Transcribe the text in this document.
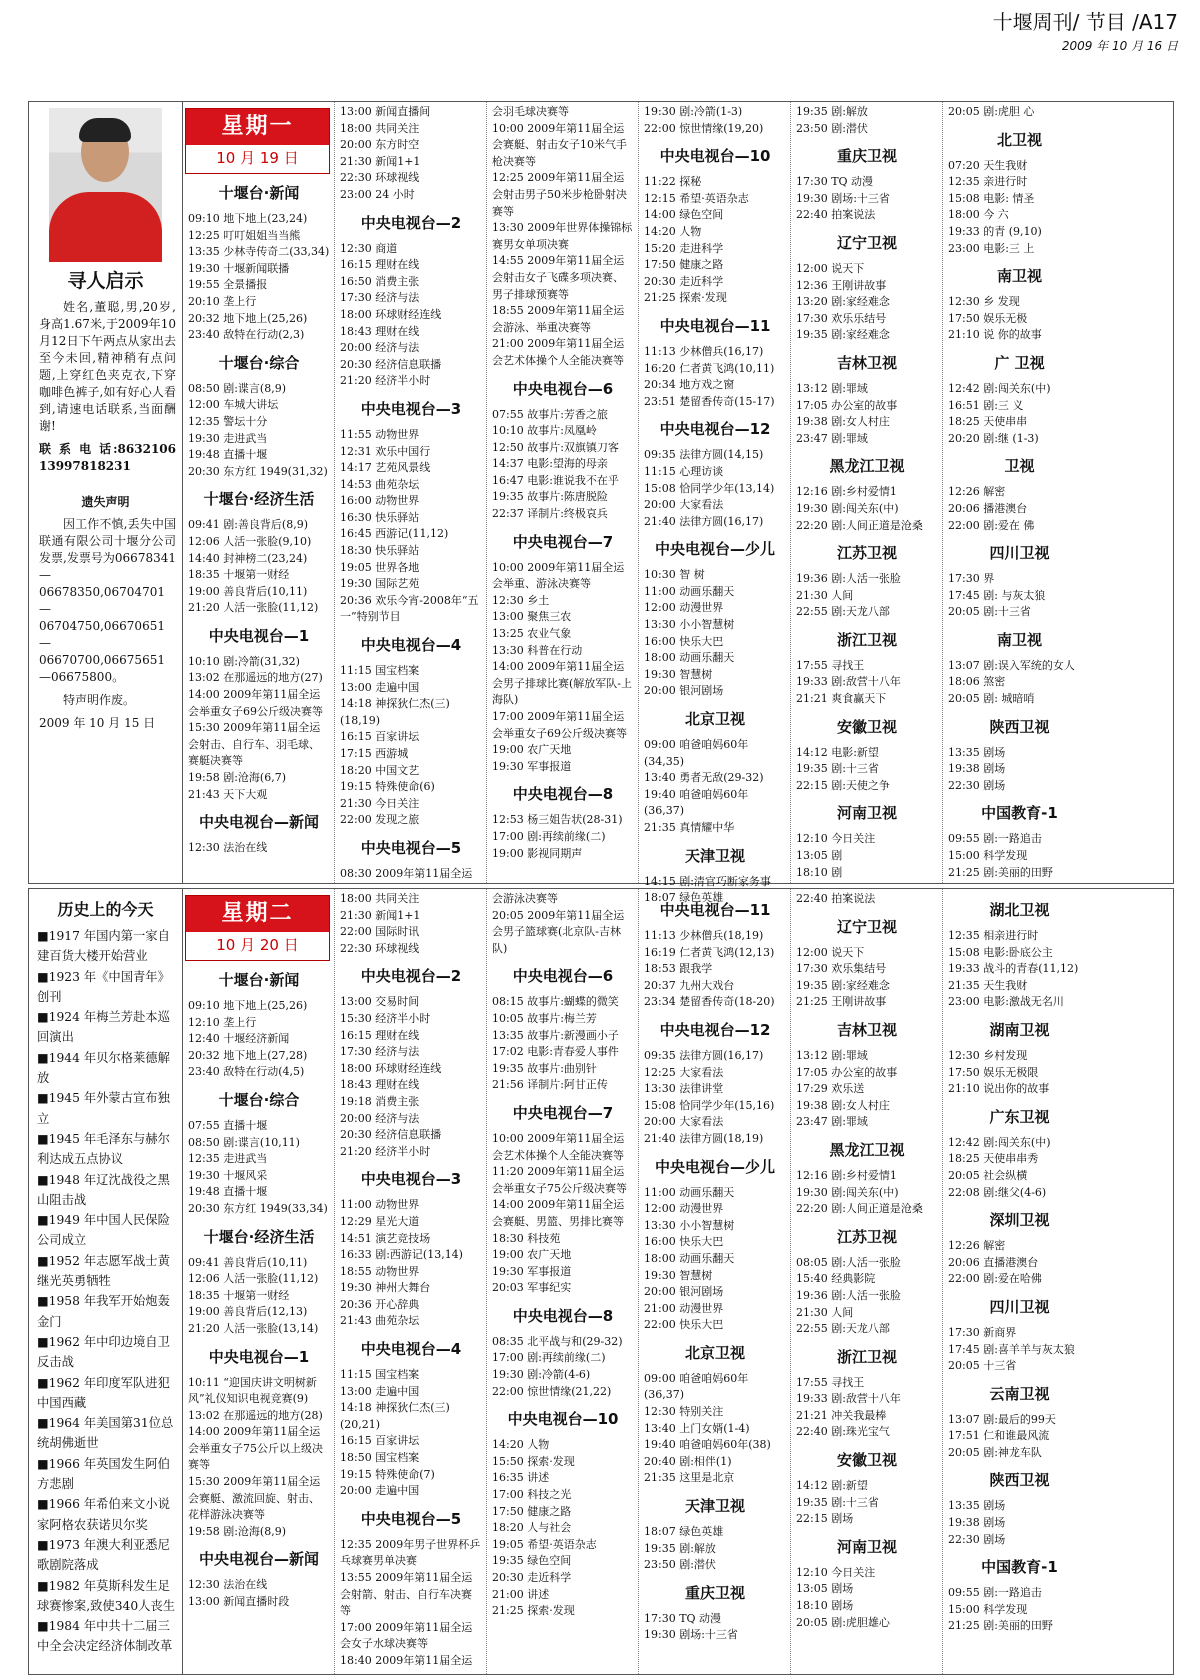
十堰周刊/ 节目 /A17
2009 年 10 月 16 日
寻人启示

姓名,董聪,男,20岁,身高1.67米,于2009年10月12日下午两点从家出去至今未回,精神稍有点问题,上穿红色夹克衣,下穿咖啡色裤子,如有好心人看到,请速电话联系,当面酬谢!

联 系 电 话:8632106 13997818231

遗失声明

因工作不慎,丢失中国联通有限公司十堰分公司发票,发票号为06678341—06678350,06704701—06704750,06670651—06670700,06675651—06675800。

特声明作废。

2009 年 10 月 15 日

星期一
10 月 19 日
十堰台·新闻
09:10 地下地上(23,24)
12:25 叮叮姐姐当当熊
13:35 少林寺传奇二(33,34)
19:30 十堰新闻联播
19:55 全景播报
20:10 垄上行
20:32 地下地上(25,26)
23:40 敌特在行动(2,3)
十堰台·综合
08:50 剧:谍言(8,9)
12:00 车城大讲坛
12:35 警坛十分
19:30 走进武当
19:48 直播十堰
20:30 东方红 1949(31,32)
十堰台·经济生活
09:41 剧:善良背后(8,9)
12:06 人活一张脸(9,10)
14:40 封神榜二(23,24)
18:35 十堰第一财经
19:00 善良背后(10,11)
21:20 人活一张脸(11,12)
中央电视台—1
10:10 剧:冷箭(31,32)
13:02 在那遥远的地方(27)
14:00 2009年第11届全运会举重女子69公斤级决赛等
15:30 2009年第11届全运会射击、自行车、羽毛球、赛艇决赛等
19:58 剧:沧海(6,7)
21:43 天下大观
中央电视台—新闻
12:30 法治在线
13:00 新闻直播间
18:00 共同关注
20:00 东方时空
21:30 新闻1+1
22:30 环球视线
23:00 24 小时
中央电视台—2
12:30 商道
16:15 理财在线
16:50 消费主张
17:30 经济与法
18:00 环球财经连线
18:43 理财在线
20:00 经济与法
20:30 经济信息联播
21:20 经济半小时
中央电视台—3
11:55 动物世界
12:31 欢乐中国行
14:17 艺苑风景线
14:53 曲苑杂坛
16:00 动物世界
16:30 快乐驿站
16:45 西游记(11,12)
18:30 快乐驿站
19:05 世界各地
19:30 国际艺苑
20:36 欢乐今宵-2008年“五一”特别节目
中央电视台—4
11:15 国宝档案
13:00 走遍中国
14:18 神探狄仁杰(三)(18,19)
16:15 百家讲坛
17:15 西游城
18:20 中国文艺
19:15 特殊使命(6)
21:30 今日关注
22:00 发现之旅
中央电视台—5
08:30 2009年第11届全运
会羽毛球决赛等
10:00 2009年第11届全运会赛艇、射击女子10米气手枪决赛等
12:25 2009年第11届全运会射击男子50米步枪卧射决赛等
13:30 2009年世界体操锦标赛男女单项决赛
14:55 2009年第11届全运会射击女子飞碟多项决赛、男子排球预赛等
18:55 2009年第11届全运会游泳、举重决赛等
21:00 2009年第11届全运会艺术体操个人全能决赛等
中央电视台—6
07:55 故事片:芳香之旅
10:10 故事片:凤凰岭
12:50 故事片:双旗镇刀客
14:37 电影:望海的母亲
16:47 电影:谁说我不在乎
19:35 故事片:陈唐脱险
22:37 译制片:终极哀兵
中央电视台—7
10:00 2009年第11届全运会举重、游泳决赛等
12:30 乡土
13:00 聚焦三农
13:25 农业气象
13:30 科普在行动
14:00 2009年第11届全运会男子排球比赛(解放军队-上海队)
17:00 2009年第11届全运会举重女子69公斤级决赛等
19:00 农广天地
19:30 军事报道
中央电视台—8
12:53 杨三姐告状(28-31)
17:00 剧:再续前缘(二)
19:00 影视同期声
19:30 剧:冷箭(1-3)
22:00 惊世情缘(19,20)
中央电视台—10
11:22 探秘
12:15 希望·英语杂志
14:00 绿色空间
14:20 人物
15:20 走进科学
17:50 健康之路
20:30 走近科学
21:25 探索·发现
中央电视台—11
11:13 少林僧兵(16,17)
16:20 仁者黄飞鸿(10,11)
20:34 地方戏之窗
23:51 楚留香传奇(15-17)
中央电视台—12
09:35 法律方圆(14,15)
11:15 心理访谈
15:08 恰同学少年(13,14)
20:00 大家看法
21:40 法律方圆(16,17)
中央电视台—少儿
10:30 智 树
11:00 动画乐翻天
12:00 动漫世界
13:30 小小智慧树
16:00 快乐大巴
18:00 动画乐翻天
19:30 智慧树
20:00 银河剧场
北京卫视
09:00 咱爸咱妈60年(34,35)
13:40 勇者无敌(29-32)
19:40 咱爸咱妈60年(36,37)
21:35 真情耀中华
天津卫视
14:15 剧:清官巧断家务事
18:07 绿色英雄
19:35 剧:解放
23:50 剧:潜伏
重庆卫视
17:30 TQ 动漫
19:30 剧场:十三省
22:40 拍案说法
辽宁卫视
12:00 说天下
12:36 王刚讲故事
13:20 剧:家经难念
17:30 欢乐乐结号
19:35 剧:家经难念
吉林卫视
13:12 剧:罪域
17:05 办公室的故事
19:38 剧:女人村庄
23:47 剧:罪域
黑龙江卫视
12:16 剧:乡村爱情1
19:30 剧:闯关东(中)
22:20 剧:人间正道是沧桑
江苏卫视
19:36 剧:人活一张脸
21:30 人间
22:55 剧:天龙八部
浙江卫视
17:55 寻找王
19:33 剧:敌营十八年
21:21 爽食赢天下
安徽卫视
14:12 电影:新望
19:35 剧:十三省
22:15 剧:天使之争
河南卫视
12:10 今日关注
13:05 剧
18:10 剧
20:05 剧:虎胆 心
北卫视
07:20 天生我财
12:35 亲进行时
15:08 电影: 情圣
18:00 今 六
19:33 的青 (9,10)
23:00 电影:三 上
南卫视
12:30 乡 发现
17:50 娱乐无极
21:10 说 你的故事
广 卫视
12:42 剧:闯关东(中)
16:51 剧:三 义
18:25 天使串串
20:20 剧:继 (1-3)
卫视
12:26 解密
20:06 播港澳台
22:00 剧:爱在 佛
四川卫视
17:30 界
17:45 剧: 与灰太狼
20:05 剧:十三省
南卫视
13:07 剧:误入军统的女人
18:06 煞密
20:05 剧: 城暗哨
陕西卫视
13:35 剧场
19:38 剧场
22:30 剧场
中国教育-1
09:55 剧:一路追击
15:00 科学发现
21:25 剧:美丽的田野
历史上的今天
■1917 年国内第一家自建百货大楼开始营业
■1923 年《中国青年》创刊
■1924 年梅兰芳赴本巡回演出
■1944 年贝尔格莱德解放
■1945 年外蒙古宣布独立
■1945 年毛泽东与赫尔利达成五点协议
■1948 年辽沈战役之黑山阻击战
■1949 年中国人民保险公司成立
■1952 年志愿军战士黄继光英勇牺牲
■1958 年我军开始炮轰金门
■1962 年中印边境自卫反击战
■1962 年印度军队进犯中国西藏
■1964 年美国第31位总统胡佛逝世
■1966 年英国发生阿伯方悲剧
■1966 年希伯来文小说家阿格农获诺贝尔奖
■1973 年澳大利亚悉尼歌剧院落成
■1982 年莫斯科发生足球赛惨案,致使340人丧生
■1984 年中共十二届三中全会决定经济体制改革
星期二
10 月 20 日
十堰台·新闻
09:10 地下地上(25,26)
12:10 垄上行
12:40 十堰经济新闻
20:32 地下地上(27,28)
23:40 敌特在行动(4,5)
十堰台·综合
07:55 直播十堰
08:50 剧:谍言(10,11)
12:35 走进武当
19:30 十堰风采
19:48 直播十堰
20:30 东方红 1949(33,34)
十堰台·经济生活
09:41 善良背后(10,11)
12:06 人活一张脸(11,12)
18:35 十堰第一财经
19:00 善良背后(12,13)
21:20 人活一张脸(13,14)
中央电视台—1
10:11 “迎国庆讲文明树新风”礼仪知识电视竞赛(9)
13:02 在那遥远的地方(28)
14:00 2009年第11届全运会举重女子75公斤以上级决赛等
15:30 2009年第11届全运会赛艇、激流回旋、射击、花样游泳决赛等
19:58 剧:沧海(8,9)
中央电视台—新闻
12:30 法治在线
13:00 新闻直播时段
18:00 共同关注
21:30 新闻1+1
22:00 国际时讯
22:30 环球视线
中央电视台—2
13:00 交易时间
15:30 经济半小时
16:15 理财在线
17:30 经济与法
18:00 环球财经连线
18:43 理财在线
19:18 消费主张
20:00 经济与法
20:30 经济信息联播
21:20 经济半小时
中央电视台—3
11:00 动物世界
12:29 星光大道
14:51 演艺竞技场
16:33 剧:西游记(13,14)
18:55 动物世界
19:30 神州大舞台
20:36 开心辞典
21:43 曲苑杂坛
中央电视台—4
11:15 国宝档案
13:00 走遍中国
14:18 神探狄仁杰(三)(20,21)
16:15 百家讲坛
18:50 国宝档案
19:15 特殊使命(7)
20:00 走遍中国
中央电视台—5
12:35 2009年男子世界杯乒乓球赛男单决赛
13:55 2009年第11届全运会射箭、射击、自行车决赛等
17:00 2009年第11届全运会女子水球决赛等
18:40 2009年第11届全运
会游泳决赛等
20:05 2009年第11届全运会男子篮球赛(北京队-吉林队)
中央电视台—6
08:15 故事片:蝴蝶的微笑
10:05 故事片:梅兰芳
13:35 故事片:新漫画小子
17:02 电影:青春爱人事件
19:35 故事片:曲别针
21:56 译制片:阿甘正传
中央电视台—7
10:00 2009年第11届全运会艺术体操个人全能决赛等
11:20 2009年第11届全运会举重女子75公斤级决赛等
14:00 2009年第11届全运会赛艇、男篮、男排比赛等
18:30 科技苑
19:00 农广天地
19:30 军事报道
20:03 军事纪实
中央电视台—8
08:35 北平战与和(29-32)
17:00 剧:再续前缘(二)
19:30 剧:冷箭(4-6)
22:00 惊世情缘(21,22)
中央电视台—10
14:20 人物
15:50 探索·发现
16:35 讲述
17:00 科技之光
17:50 健康之路
18:20 人与社会
19:05 希望·英语杂志
19:35 绿色空间
20:30 走近科学
21:00 讲述
21:25 探索·发现
中央电视台—11
11:13 少林僧兵(18,19)
16:19 仁者黄飞鸿(12,13)
18:53 跟我学
20:37 九州大戏台
23:34 楚留香传奇(18-20)
中央电视台—12
09:35 法律方圆(16,17)
12:25 大家看法
13:30 法律讲堂
15:08 恰同学少年(15,16)
20:00 大家看法
21:40 法律方圆(18,19)
中央电视台—少儿
11:00 动画乐翻天
12:00 动漫世界
13:30 小小智慧树
16:00 快乐大巴
18:00 动画乐翻天
19:30 智慧树
20:00 银河剧场
21:00 动漫世界
22:00 快乐大巴
北京卫视
09:00 咱爸咱妈60年(36,37)
12:30 特别关注
13:40 上门女婿(1-4)
19:40 咱爸咱妈60年(38)
20:40 剧:相伴(1)
21:35 这里是北京
天津卫视
18:07 绿色英雄
19:35 剧:解放
23:50 剧:潜伏
重庆卫视
17:30 TQ 动漫
19:30 剧场:十三省
22:40 拍案说法
辽宁卫视
12:00 说天下
17:30 欢乐集结号
19:35 剧:家经难念
21:25 王刚讲故事
吉林卫视
13:12 剧:罪域
17:05 办公室的故事
17:29 欢乐送
19:38 剧:女人村庄
23:47 剧:罪域
黑龙江卫视
12:16 剧:乡村爱情1
19:30 剧:闯关东(中)
22:20 剧:人间正道是沧桑
江苏卫视
08:05 剧:人活一张脸
15:40 经典影院
19:36 剧:人活一张脸
21:30 人间
22:55 剧:天龙八部
浙江卫视
17:55 寻找王
19:33 剧:敌营十八年
21:21 冲关我最棒
22:40 剧:珠光宝气
安徽卫视
14:12 剧:新望
19:35 剧:十三省
22:15 剧场
河南卫视
12:10 今日关注
13:05 剧场
18:10 剧场
20:05 剧:虎胆雄心
湖北卫视
12:35 相亲进行时
15:08 电影:卧底公主
19:33 战斗的青春(11,12)
21:35 天生我财
23:00 电影:激战无名川
湖南卫视
12:30 乡村发现
17:50 娱乐无极限
21:10 说出你的故事
广东卫视
12:42 剧:闯关东(中)
18:25 天使串串秀
20:05 社会纵横
22:08 剧:继父(4-6)
深圳卫视
12:26 解密
20:06 直播港澳台
22:00 剧:爱在哈佛
四川卫视
17:30 新商界
17:45 剧:喜羊羊与灰太狼
20:05 十三省
云南卫视
13:07 剧:最后的99天
17:51 仁和谁最风流
20:05 剧:神龙车队
陕西卫视
13:35 剧场
19:38 剧场
22:30 剧场
中国教育-1
09:55 剧:一路追击
15:00 科学发现
21:25 剧:美丽的田野
